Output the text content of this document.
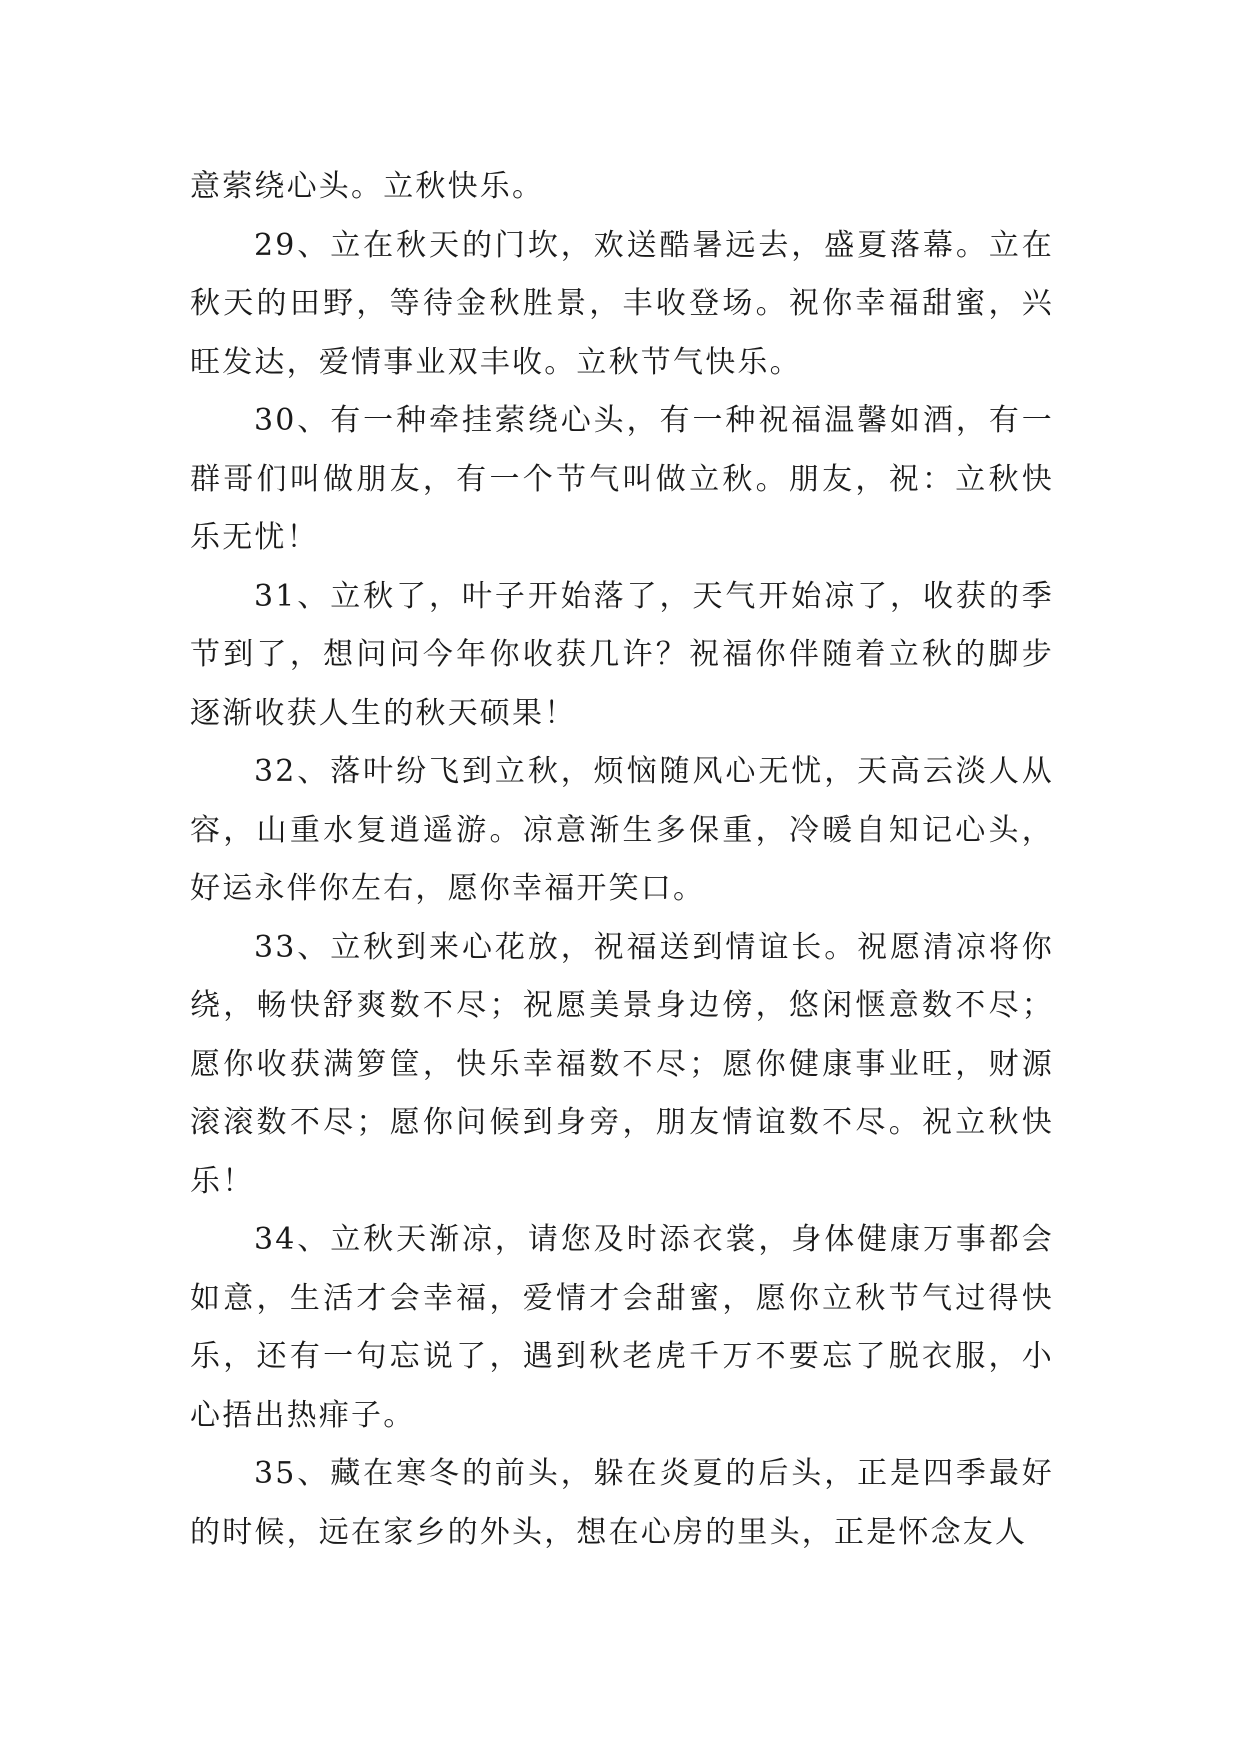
意萦绕心头。立秋快乐。

29、立在秋天的门坎，欢送酷暑远去，盛夏落幕。立在秋天的田野，等待金秋胜景，丰收登场。祝你幸福甜蜜，兴旺发达，爱情事业双丰收。立秋节气快乐。

30、有一种牵挂萦绕心头，有一种祝福温馨如酒，有一群哥们叫做朋友，有一个节气叫做立秋。朋友，祝：立秋快乐无忧！

31、立秋了，叶子开始落了，天气开始凉了，收获的季节到了，想问问今年你收获几许？祝福你伴随着立秋的脚步逐渐收获人生的秋天硕果！

32、落叶纷飞到立秋，烦恼随风心无忧，天高云淡人从容，山重水复逍遥游。凉意渐生多保重，冷暖自知记心头，好运永伴你左右，愿你幸福开笑口。

33、立秋到来心花放，祝福送到情谊长。祝愿清凉将你绕，畅快舒爽数不尽；祝愿美景身边傍，悠闲惬意数不尽；愿你收获满箩筐，快乐幸福数不尽；愿你健康事业旺，财源滚滚数不尽；愿你问候到身旁，朋友情谊数不尽。祝立秋快乐！

34、立秋天渐凉，请您及时添衣裳，身体健康万事都会如意，生活才会幸福，爱情才会甜蜜，愿你立秋节气过得快乐，还有一句忘说了，遇到秋老虎千万不要忘了脱衣服，小心捂出热痱子。

35、藏在寒冬的前头，躲在炎夏的后头，正是四季最好的时候，远在家乡的外头，想在心房的里头，正是怀念友人
